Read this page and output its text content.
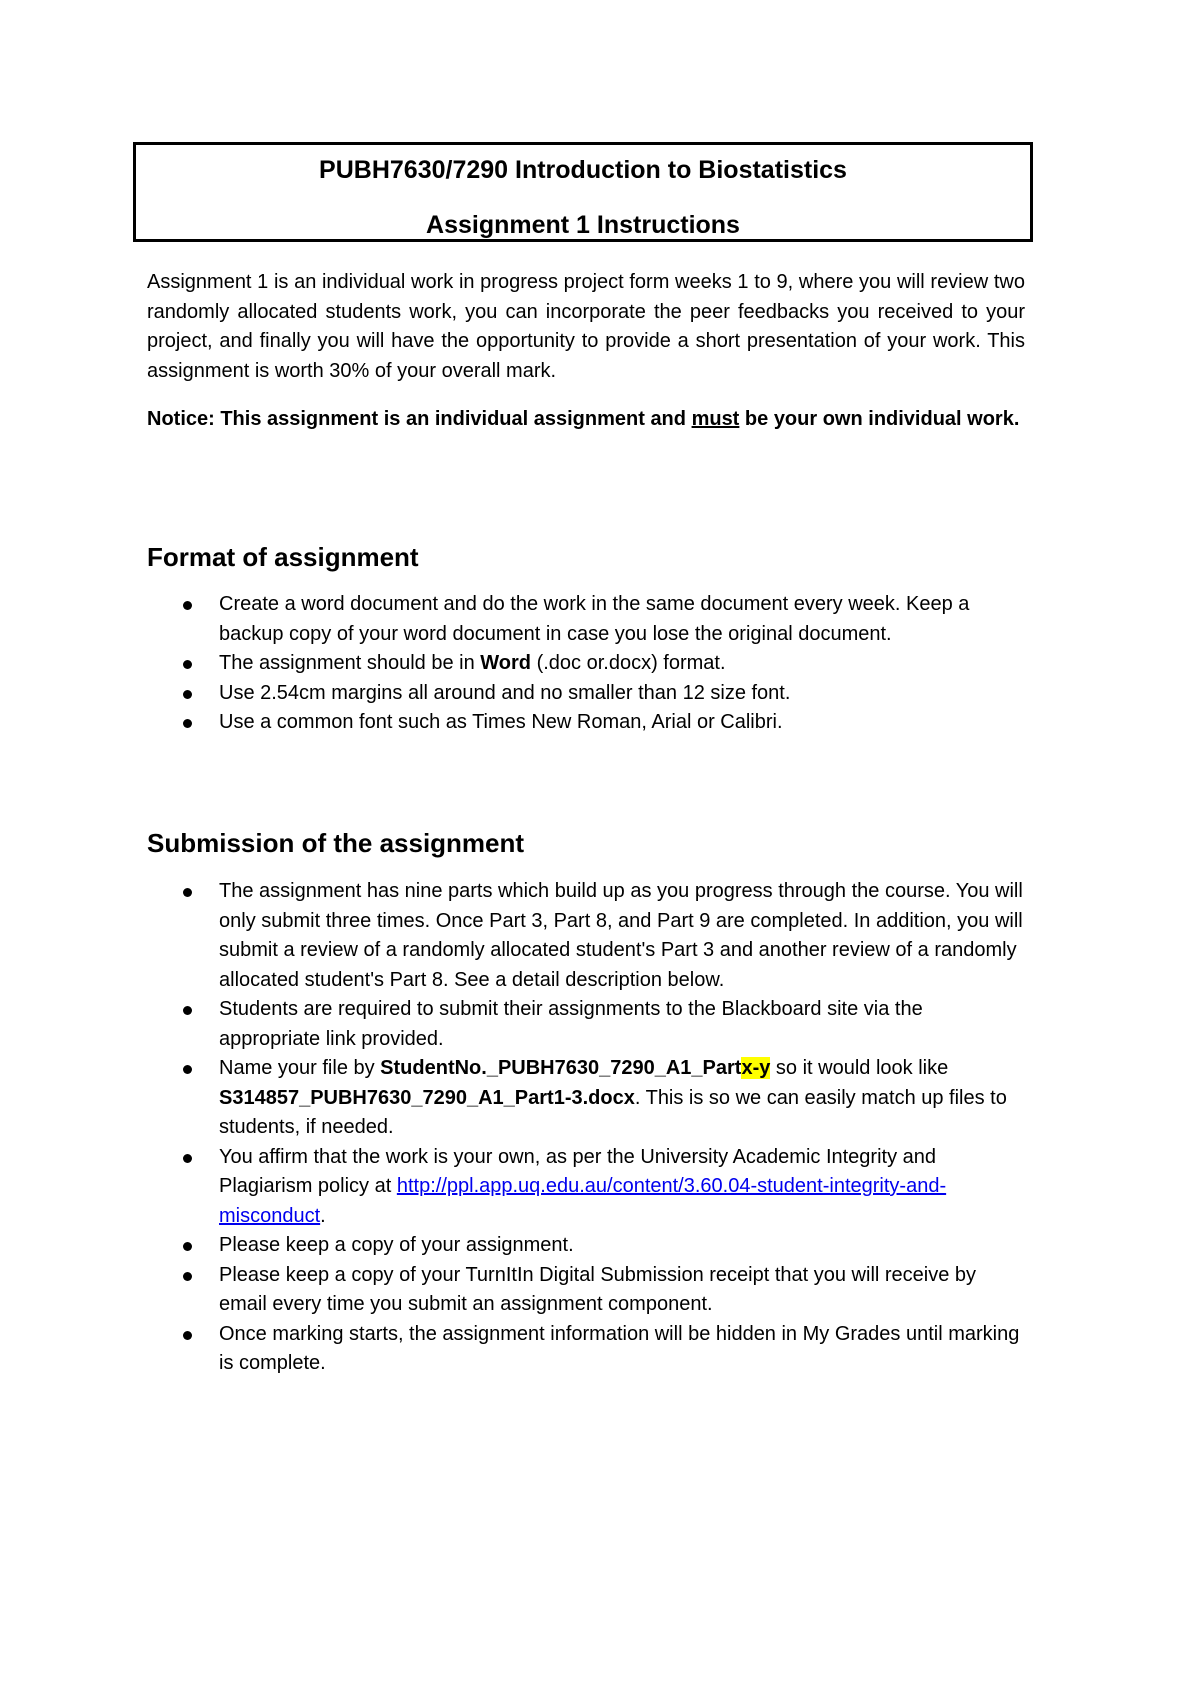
PUBH7630/7290 Introduction to Biostatistics
Assignment 1 Instructions

Assignment 1 is an individual work in progress project form weeks 1 to 9, where you will review two randomly allocated students work, you can incorporate the peer feedbacks you received to your project, and finally you will have the opportunity to provide a short presentation of your work. This assignment is worth 30% of your overall mark.

Notice: This assignment is an individual assignment and must be your own individual work.

Format of assignment
Create a word document and do the work in the same document every week. Keep a backup copy of your word document in case you lose the original document.
The assignment should be in Word (.doc or.docx) format.
Use 2.54cm margins all around and no smaller than 12 size font.
Use a common font such as Times New Roman, Arial or Calibri.
Submission of the assignment
The assignment has nine parts which build up as you progress through the course. You will only submit three times. Once Part 3, Part 8, and Part 9 are completed. In addition, you will submit a review of a randomly allocated student's Part 3 and another review of a randomly allocated student's Part 8. See a detail description below.
Students are required to submit their assignments to the Blackboard site via the appropriate link provided.
Name your file by StudentNo._PUBH7630_7290_A1_Partx-y so it would look like S314857_PUBH7630_7290_A1_Part1-3.docx. This is so we can easily match up files to students, if needed.
You affirm that the work is your own, as per the University Academic Integrity and Plagiarism policy at http://ppl.app.uq.edu.au/content/3.60.04-student-integrity-and-misconduct.
Please keep a copy of your assignment.
Please keep a copy of your TurnItIn Digital Submission receipt that you will receive by email every time you submit an assignment component.
Once marking starts, the assignment information will be hidden in My Grades until marking is complete.
